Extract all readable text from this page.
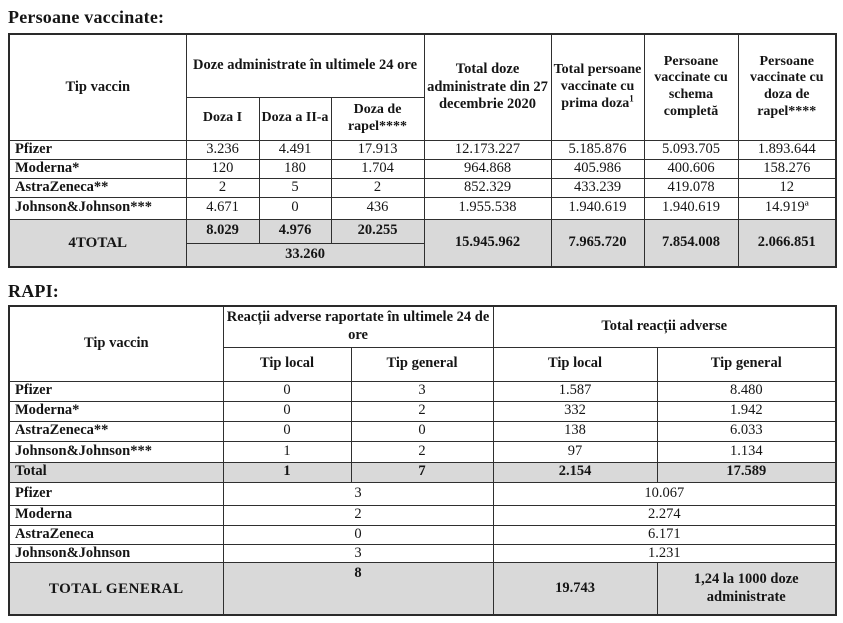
Persoane vaccinate:
Tip vaccin	Doze administrate în ultimele 24 ore			Total doze administrate din 27 decembrie 2020	Total persoane vaccinate cu prima doza$^1$	Persoane vaccinate cu schema completă	Persoane vaccinate cu doza de rapel****
	Doza I	Doza a II-a	Doza de rapel****				
Pfizer	3.236	4.491	17.913	12.173.227	5.185.876	5.093.705	1.893.644
Moderna*	120	180	1.704	964.868	405.986	400.606	158.276
AstraZeneca**	2	5	2	852.329	433.239	419.078	12
Johnson&Johnson***	4.671	0	436	1.955.538	1.940.619	1.940.619	14.919ª
4TOTAL	8.029	4.976	20.255	15.945.962	7.965.720	7.854.008	2.066.851
	33.260						
RAPI:
Tip vaccin	Reacții adverse raportate în ultimele 24 de ore		Total reacții adverse	
	Tip local	Tip general	Tip local	Tip general
Pfizer	0	3	1.587	8.480
Moderna*	0	2	332	1.942
AstraZeneca**	0	0	138	6.033
Johnson&Johnson***	1	2	97	1.134
Total	1	7	2.154	17.589
Pfizer	3		10.067	
Moderna	2		2.274	
AstraZeneca	0		6.171	
Johnson&Johnson	3		1.231	
TOTAL GENERAL	8		19.743	1,24 la 1000 doze administrate
